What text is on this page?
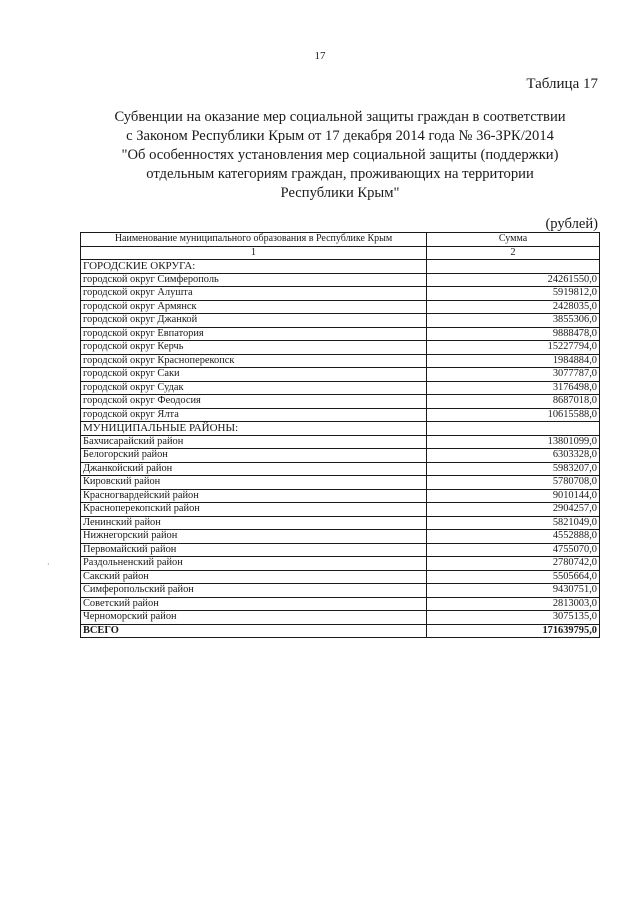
17
Таблица 17
Субвенции на оказание мер социальной защиты граждан в соответствии
с Законом Республики Крым от 17 декабря 2014 года № 36-ЗРК/2014
"Об особенностях установления мер социальной защиты (поддержки)
отдельным категориям граждан, проживающих на территории
Республики Крым"
(рублей)
Наименование муниципального образования в Республике Крым	Сумма
1	2
ГОРОДСКИЕ ОКРУГА:	
городской округ Симферополь	24261550,0
городской округ Алушта	5919812,0
городской округ Армянск	2428035,0
городской округ Джанкой	3855306,0
городской округ Евпатория	9888478,0
городской округ Керчь	15227794,0
городской округ Красноперекопск	1984884,0
городской округ Саки	3077787,0
городской округ Судак	3176498,0
городской округ Феодосия	8687018,0
городской округ Ялта	10615588,0
МУНИЦИПАЛЬНЫЕ РАЙОНЫ:	
Бахчисарайский район	13801099,0
Белогорский район	6303328,0
Джанкойский район	5983207,0
Кировский район	5780708,0
Красногвардейский район	9010144,0
Красноперекопский район	2904257,0
Ленинский район	5821049,0
Нижнегорский район	4552888,0
Первомайский район	4755070,0
Раздольненский район	2780742,0
Сакский район	5505664,0
Симферопольский район	9430751,0
Советский район	2813003,0
Черноморский район	3075135,0
ВСЕГО	171639795,0
·
